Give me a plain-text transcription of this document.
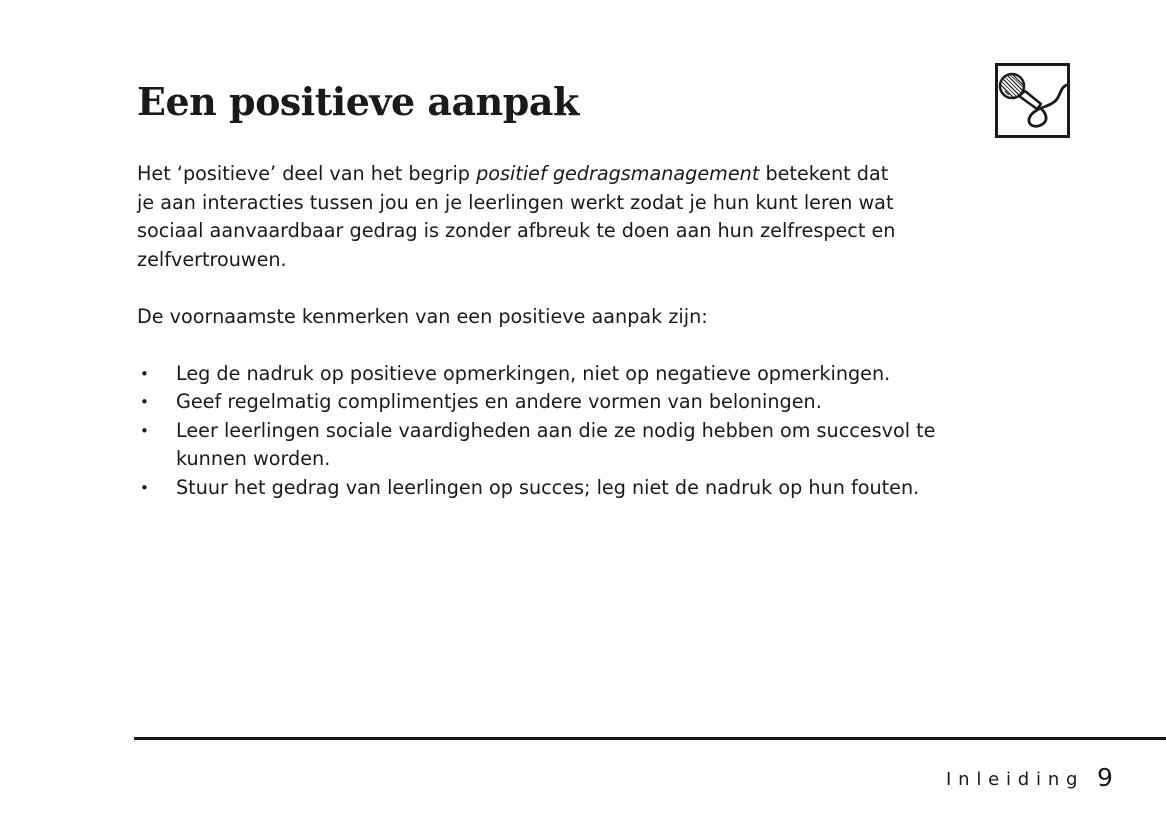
Een positieve aanpak

Het ‘positieve’ deel van het begrip positief gedragsmanagement betekent dat

je aan interacties tussen jou en je leerlingen werkt zodat je hun kunt leren wat

sociaal aanvaardbaar gedrag is zonder afbreuk te doen aan hun zelfrespect en

zelfvertrouwen.

De voornaamste kenmerken van een positieve aanpak zijn:

• Leg de nadruk op positieve opmerkingen, niet op negatieve opmerkingen.
• Geef regelmatig complimentjes en andere vormen van beloningen.
• Leer leerlingen sociale vaardigheden aan die ze nodig hebben om succesvol te
kunnen worden.
• Stuur het gedrag van leerlingen op succes; leg niet de nadruk op hun fouten.
Inleiding 9
